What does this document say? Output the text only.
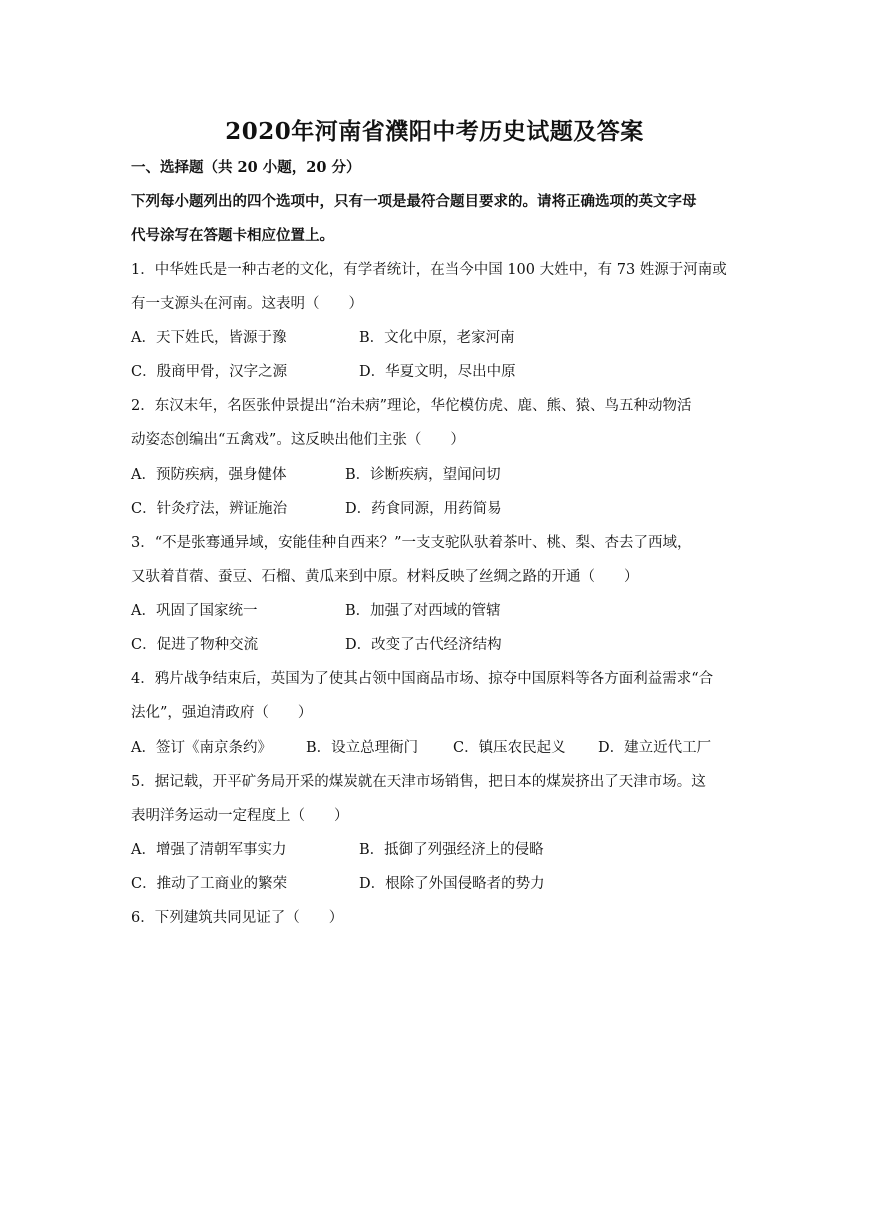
2020年河南省濮阳中考历史试题及答案
一、选择题（共 20 小题，20 分）
下列每小题列出的四个选项中，只有一项是最符合题目要求的。请将正确选项的英文字母
代号涂写在答题卡相应位置上。
1．中华姓氏是一种古老的文化，有学者统计，在当今中国 100 大姓中，有 73 姓源于河南或
有一支源头在河南。这表明（　　）
A．天下姓氏，皆源于豫	B．文化中原，老家河南
C．殷商甲骨，汉字之源	D．华夏文明，尽出中原
2．东汉末年，名医张仲景提出“治未病”理论，华佗模仿虎、鹿、熊、猿、鸟五种动物活
动姿态创编出“五禽戏”。这反映出他们主张（　　）
A．预防疾病，强身健体	B．诊断疾病，望闻问切
C．针灸疗法，辨证施治	D．药食同源，用药简易
3．“不是张骞通异域，安能佳种自西来？”一支支驼队驮着茶叶、桃、梨、杏去了西域，
又驮着苜蓿、蚕豆、石榴、黄瓜来到中原。材料反映了丝绸之路的开通（　　）
A．巩固了国家统一	B．加强了对西域的管辖
C．促进了物种交流	D．改变了古代经济结构
4．鸦片战争结束后，英国为了使其占领中国商品市场、掠夺中国原料等各方面利益需求“合
法化”，强迫清政府（　　）
A．签订《南京条约》 B．设立总理衙门 C．镇压农民起义 D．建立近代工厂
5．据记载，开平矿务局开采的煤炭就在天津市场销售，把日本的煤炭挤出了天津市场。这
表明洋务运动一定程度上（　　）
A．增强了清朝军事实力	B．抵御了列强经济上的侵略
C．推动了工商业的繁荣	D．根除了外国侵略者的势力
6．下列建筑共同见证了（　　）
